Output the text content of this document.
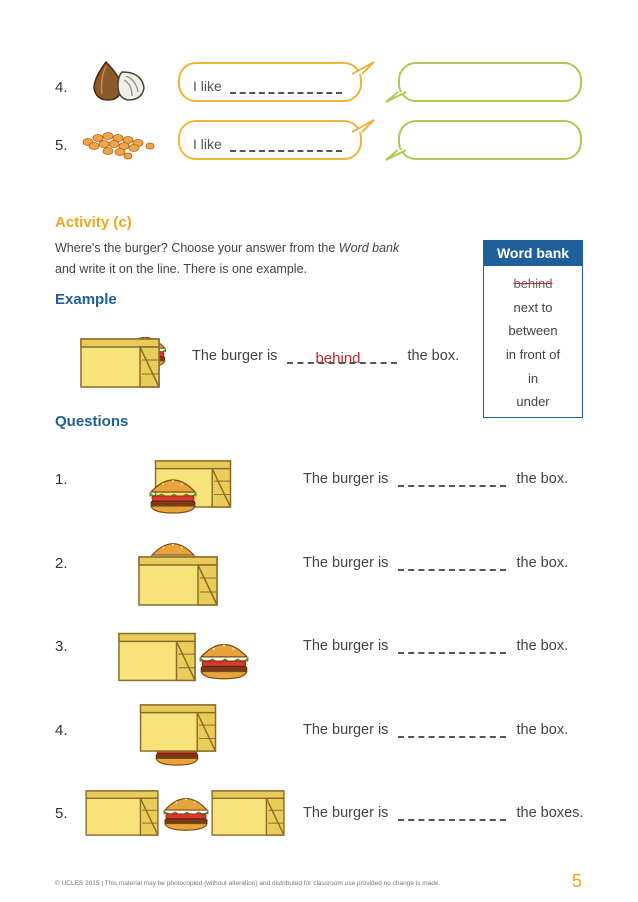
4.	I like
5.	I like
Activity (c)
Where's the burger? Choose your answer from the Word bank
and write it on the line. There is one example.
Word bank
behind
next to
between
in front of
in
under
Example
The burger is	behind	the box.
Questions
1.	The burger is	the box.
2.	The burger is	the box.
3.	The burger is	the box.
4.	The burger is	the box.
5.	The burger is	the boxes.
© UCLES 2015 | This material may be photocopied (without alteration) and distributed for classroom use provided no change is made.	5
